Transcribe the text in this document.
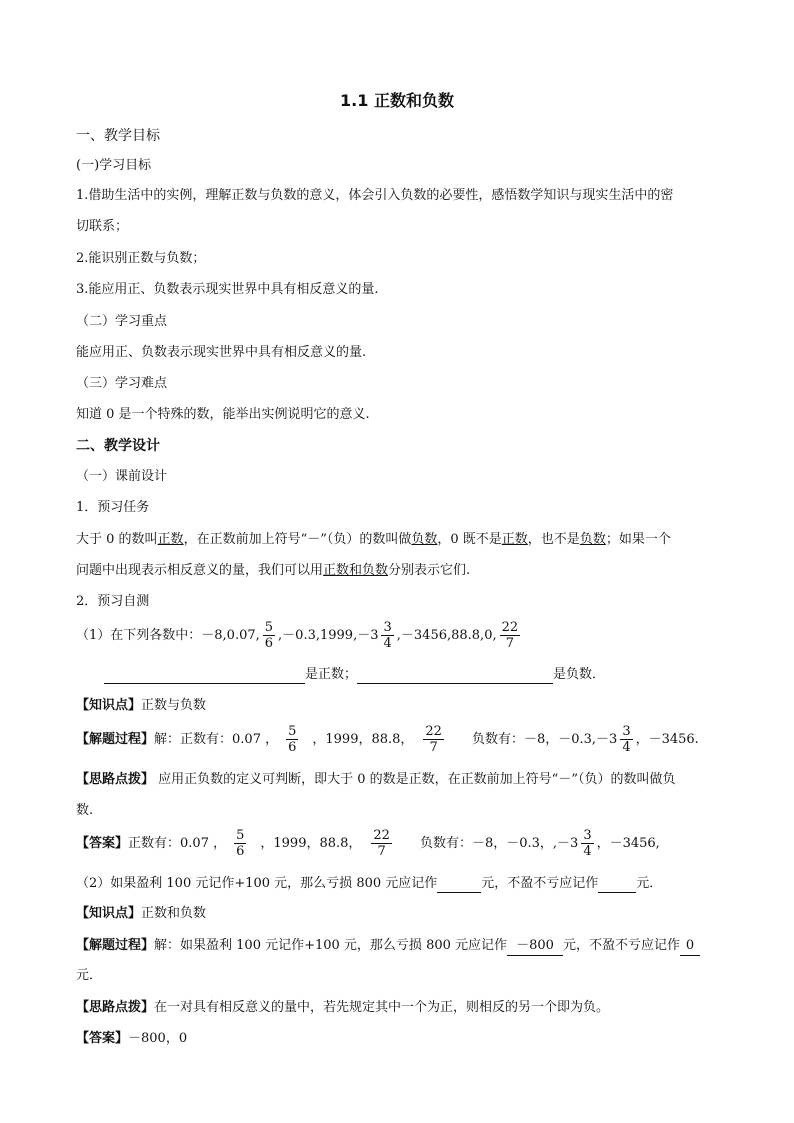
1.1 正数和负数
一、教学目标
(一)学习目标
1.借助生活中的实例，理解正数与负数的意义，体会引入负数的必要性，感悟数学知识与现实生活中的密
切联系；
2.能识别正数与负数；
3.能应用正、负数表示现实世界中具有相反意义的量.
（二）学习重点
能应用正、负数表示现实世界中具有相反意义的量.
（三）学习难点
知道 0 是一个特殊的数，能举出实例说明它的意义.
二、教学设计
（一）课前设计
1．预习任务
大于 0 的数叫正数，在正数前加上符号“－”（负）的数叫做负数，0 既不是正数，也不是负数；如果一个
问题中出现表示相反意义的量，我们可以用正数和负数分别表示它们.
2．预习自测
（1）在下列各数中：－8,0.07, $\frac{5}{6} ,-0.3,1999,-3 \frac{3}{4} ,-3456,88.8,0$, $\frac{22}{7}$
是正数；	是负数．
【知识点】正数与负数
【解题过程】解：正数有：0.07 ， $\frac{5}{6}$ ，1999，88.8， $\frac{22}{7}$ 负数有：－8，$-0.3,-3 \frac{3}{4}$ ，－3456.
【思路点拨】 应用正负数的定义可判断，即大于 0 的数是正数，在正数前加上符号“－”（负）的数叫做负
数.
【答案】正数有：0.07 ， $\frac{5}{6}$ ，1999，88.8， $\frac{22}{7}$ 负数有：－8，－0.3，$,-3 \frac{3}{4}$ ，－3456,
（2）如果盈利 100 元记作+100 元，那么亏损 800 元应记作	元，不盈不亏应记作	元．
【知识点】正数和负数
【解题过程】解：如果盈利 100 元记作+100 元，那么亏损 800 元应记作 －800 元，不盈不亏应记作 0
元．
【思路点拨】在一对具有相反意义的量中，若先规定其中一个为正，则相反的另一个即为负。
【答案】－800，0
